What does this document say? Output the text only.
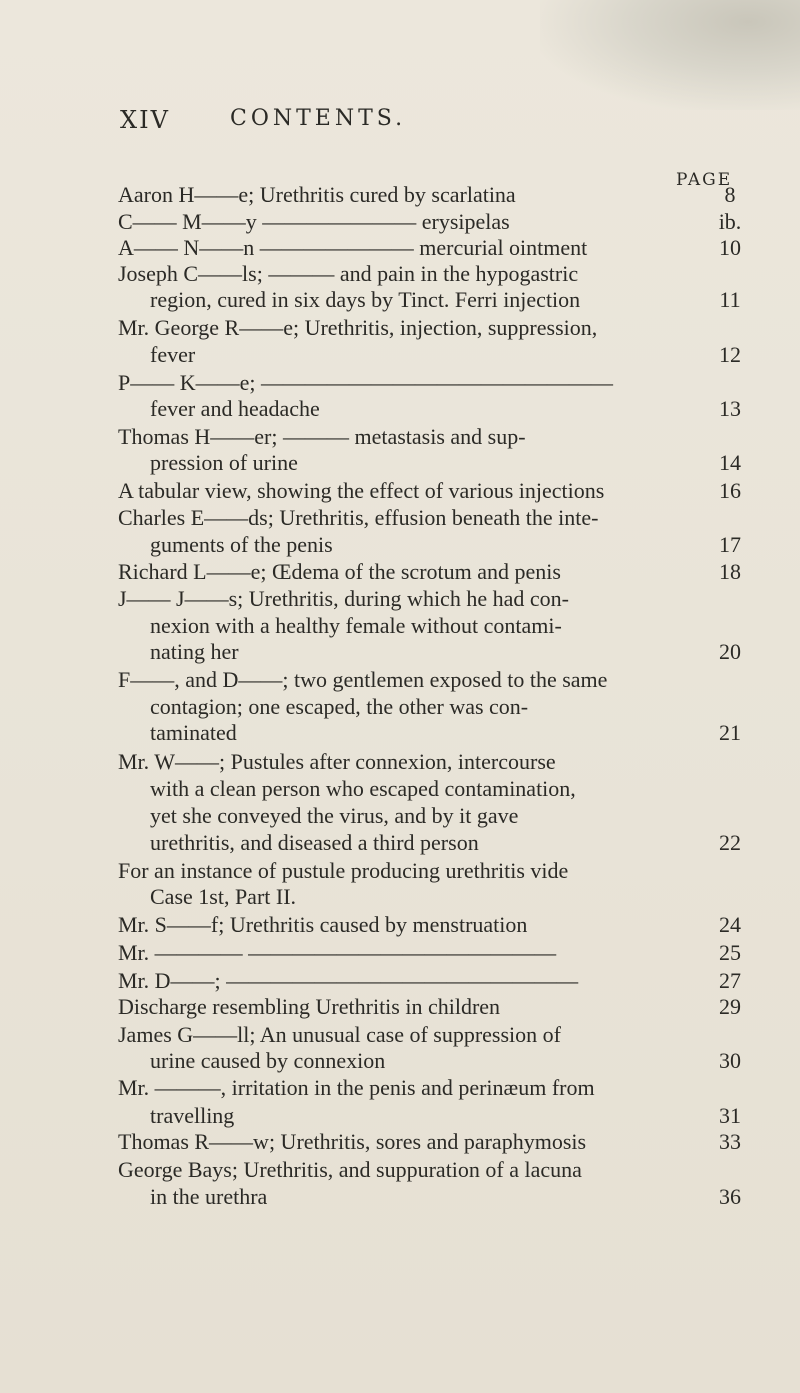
XIV	CONTENTS.
PAGE
Aaron H——e; Urethritis cured by scarlatina	8
C—— M——y ——————— erysipelas	ib.
A—— N——n ——————— mercurial ointment	10
Joseph C——ls; ——— and pain in the hypogastric
region, cured in six days by Tinct. Ferri injection	11
Mr. George R——e; Urethritis, injection, suppression,
fever	12
P—— K——e; ————————————————
fever and headache	13
Thomas H——er; ——— metastasis and sup-
pression of urine	14
A tabular view, showing the effect of various injections	16
Charles E——ds; Urethritis, effusion beneath the inte-
guments of the penis	17
Richard L——e; Œdema of the scrotum and penis	18
J—— J——s; Urethritis, during which he had con-
nexion with a healthy female without contami-
nating her	20
F——, and D——; two gentlemen exposed to the same
contagion; one escaped, the other was con-
taminated	21
Mr. W——; Pustules after connexion, intercourse
with a clean person who escaped contamination,
yet she conveyed the virus, and by it gave
urethritis, and diseased a third person	22
For an instance of pustule producing urethritis vide
Case 1st, Part II.
Mr. S——f; Urethritis caused by menstruation	24
Mr. ———— ——————————————	25
Mr. D——; ————————————————	27
Discharge resembling Urethritis in children	29
James G——ll; An unusual case of suppression of
urine caused by connexion	30
Mr. ———, irritation in the penis and perinæum from
travelling	31
Thomas R——w; Urethritis, sores and paraphymosis	33
George Bays; Urethritis, and suppuration of a lacuna
in the urethra	36
